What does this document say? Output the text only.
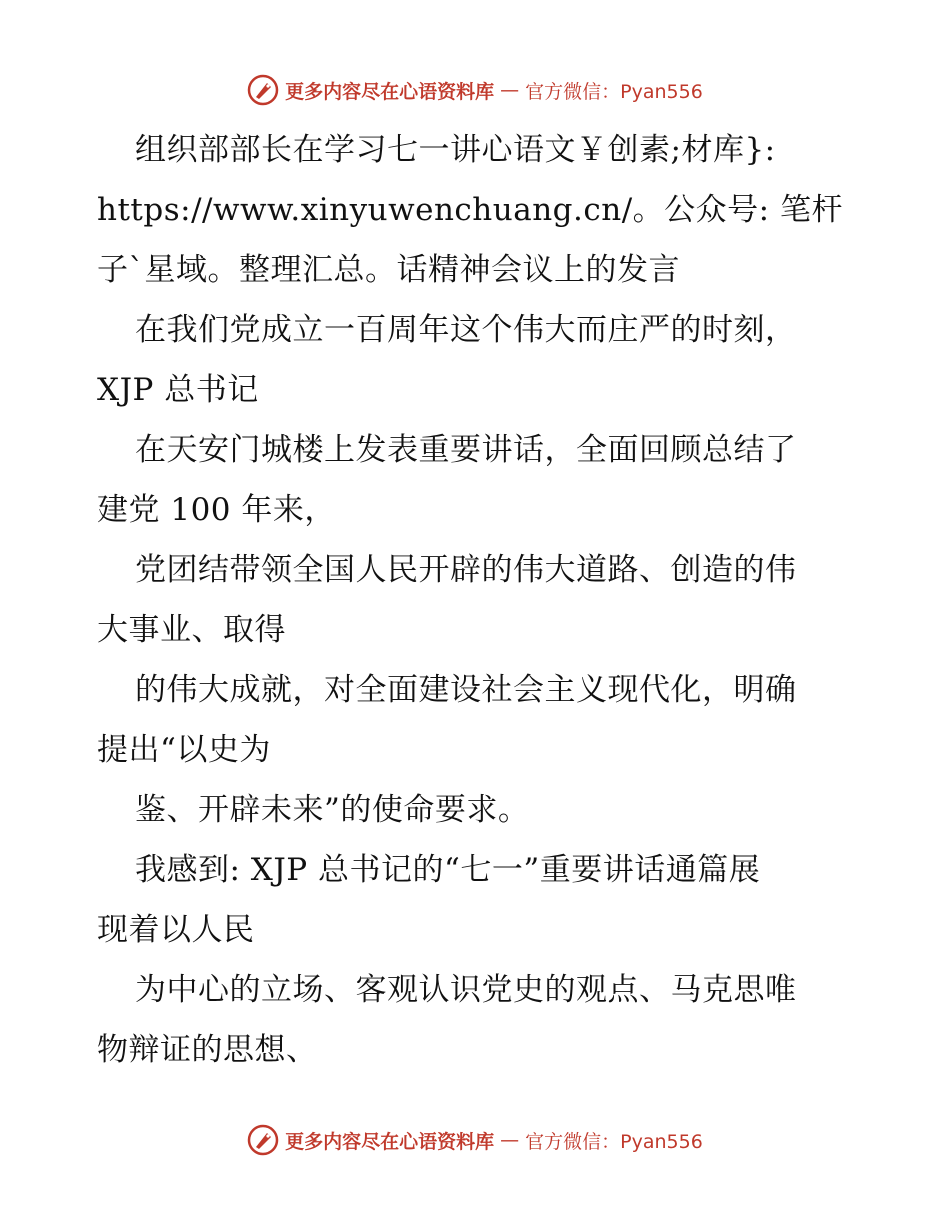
更多内容尽在心语资料库 — 官方微信：Pyan556
组织部部长在学习七一讲心语文￥创素;材库}:
https://www.xinyuwenchuang.cn/。公众号: 笔杆
子`星域。整理汇总。话精神会议上的发言
在我们党成立一百周年这个伟大而庄严的时刻，
XJP 总书记
在天安门城楼上发表重要讲话，全面回顾总结了
建党 100 年来，
党团结带领全国人民开辟的伟大道路、创造的伟
大事业、取得
的伟大成就，对全面建设社会主义现代化，明确
提出“以史为
鉴、开辟未来”的使命要求。
我感到: XJP 总书记的“七一”重要讲话通篇展
现着以人民
为中心的立场、客观认识党史的观点、马克思唯
物辩证的思想、
更多内容尽在心语资料库 — 官方微信：Pyan556
